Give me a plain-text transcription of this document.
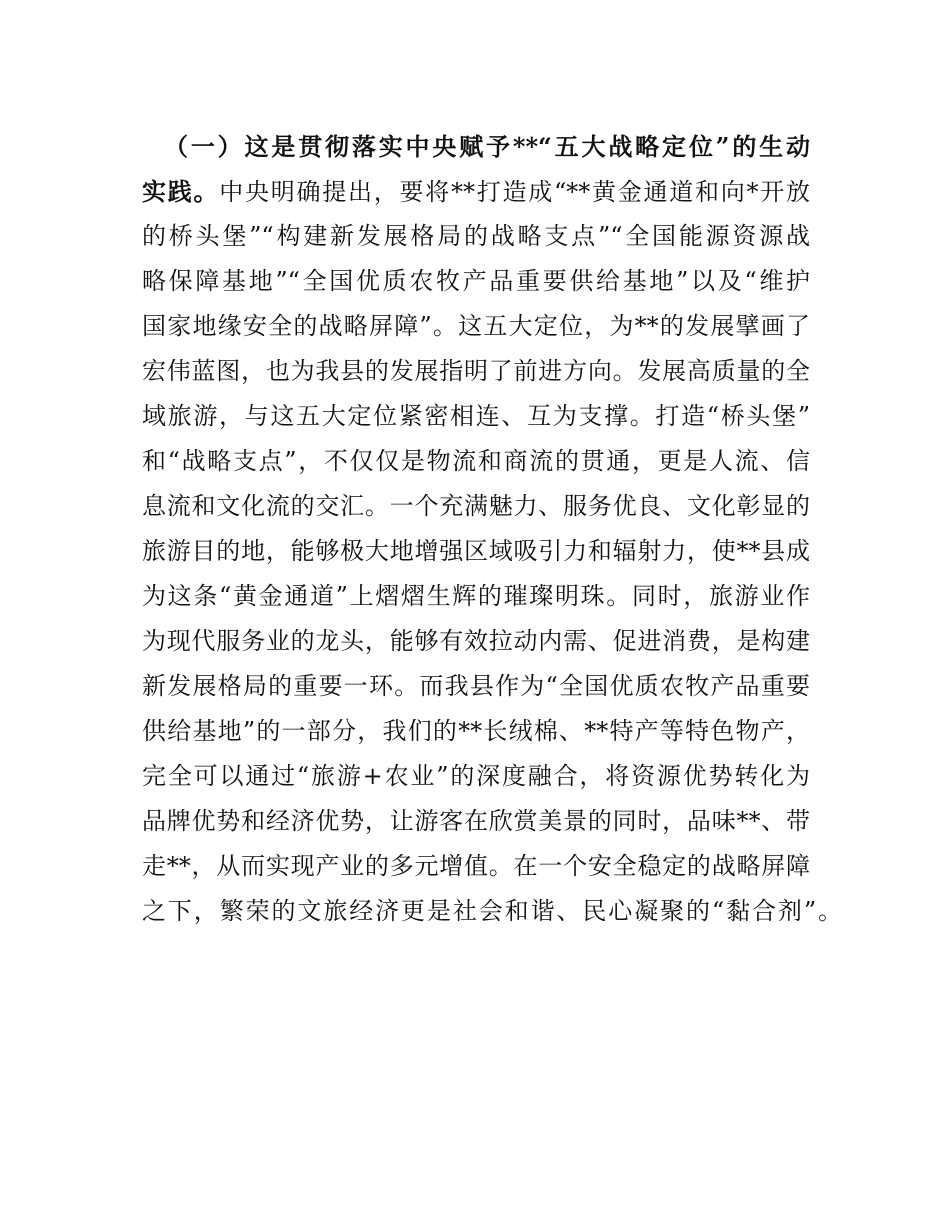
（一）这是贯彻落实中央赋予**“五大战略定位”的生动
实践。中央明确提出，要将**打造成“**黄金通道和向*开放
的桥头堡”“构建新发展格局的战略支点”“全国能源资源战
略保障基地”“全国优质农牧产品重要供给基地”以及“维护
国家地缘安全的战略屏障”。这五大定位，为**的发展擘画了
宏伟蓝图，也为我县的发展指明了前进方向。发展高质量的全
域旅游，与这五大定位紧密相连、互为支撑。打造“桥头堡”
和“战略支点”，不仅仅是物流和商流的贯通，更是人流、信
息流和文化流的交汇。一个充满魅力、服务优良、文化彰显的
旅游目的地，能够极大地增强区域吸引力和辐射力，使**县成
为这条“黄金通道”上熠熠生辉的璀璨明珠。同时，旅游业作
为现代服务业的龙头，能够有效拉动内需、促进消费，是构建
新发展格局的重要一环。而我县作为“全国优质农牧产品重要
供给基地”的一部分，我们的**长绒棉、**特产等特色物产，
完全可以通过“旅游+农业”的深度融合，将资源优势转化为
品牌优势和经济优势，让游客在欣赏美景的同时，品味**、带
走**，从而实现产业的多元增值。在一个安全稳定的战略屏障
之下，繁荣的文旅经济更是社会和谐、民心凝聚的“黏合剂”。
